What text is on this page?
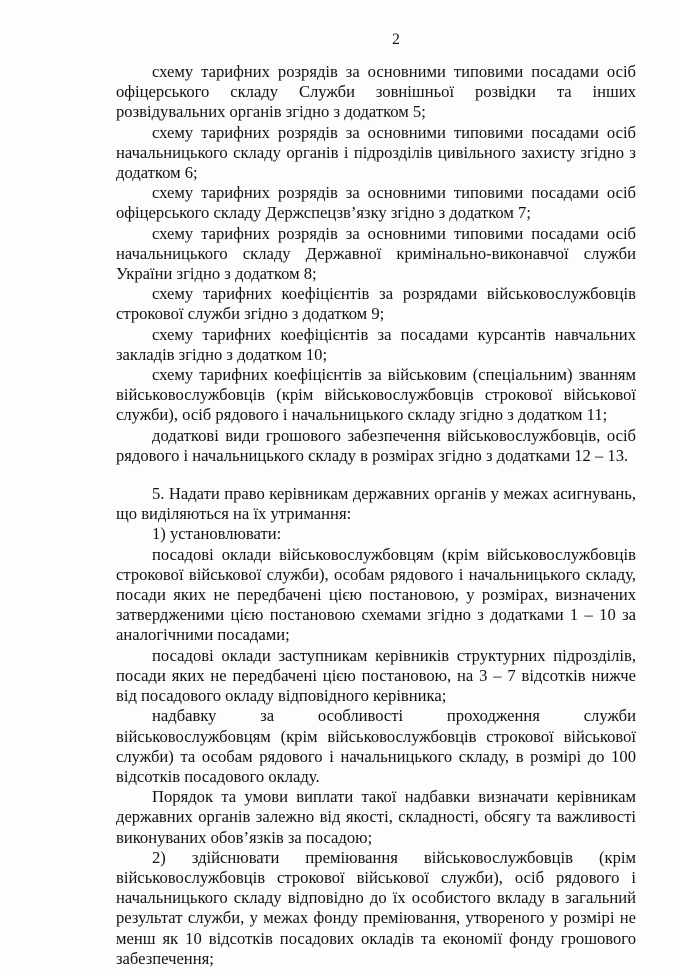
2

схему тарифних розрядів за основними типовими посадами осіб офіцерського складу Служби зовнішньої розвідки та інших розвідувальних органів згідно з додатком 5;

схему тарифних розрядів за основними типовими посадами осіб начальницького складу органів і підрозділів цивільного захисту згідно з додатком 6;

схему тарифних розрядів за основними типовими посадами осіб офіцерського складу Держспецзв’язку згідно з додатком 7;

схему тарифних розрядів за основними типовими посадами осіб начальницького складу Державної кримінально-виконавчої служби України згідно з додатком 8;

схему тарифних коефіцієнтів за розрядами військовослужбовців строкової служби згідно з додатком 9;

схему тарифних коефіцієнтів за посадами курсантів навчальних закладів згідно з додатком 10;

схему тарифних коефіцієнтів за військовим (спеціальним) званням військовослужбовців (крім військовослужбовців строкової військової служби), осіб рядового і начальницького складу згідно з додатком 11;

додаткові види грошового забезпечення військовослужбовців, осіб рядового і начальницького складу в розмірах згідно з додатками 12 – 13.

5. Надати право керівникам державних органів у межах асигнувань, що виділяються на їх утримання:

1) установлювати:

посадові оклади військовослужбовцям (крім військовослужбовців строкової військової служби), особам рядового і начальницького складу, посади яких не передбачені цією постановою, у розмірах, визначених затвердженими цією постановою схемами згідно з додатками 1 – 10 за аналогічними посадами;

посадові оклади заступникам керівників структурних підрозділів, посади яких не передбачені цією постановою, на 3 – 7 відсотків нижче від посадового окладу відповідного керівника;

надбавку за особливості проходження служби військовослужбовцям (крім військовослужбовців строкової військової служби) та особам рядового і начальницького складу, в розмірі до 100 відсотків посадового окладу.

Порядок та умови виплати такої надбавки визначати керівникам державних органів залежно від якості, складності, обсягу та важливості виконуваних обов’язків за посадою;

2) здійснювати преміювання військовослужбовців (крім військовослужбовців строкової військової служби), осіб рядового і начальницького складу відповідно до їх особистого вкладу в загальний результат служби, у межах фонду преміювання, утвореного у розмірі не менш як 10 відсотків посадових окладів та економії фонду грошового забезпечення;
